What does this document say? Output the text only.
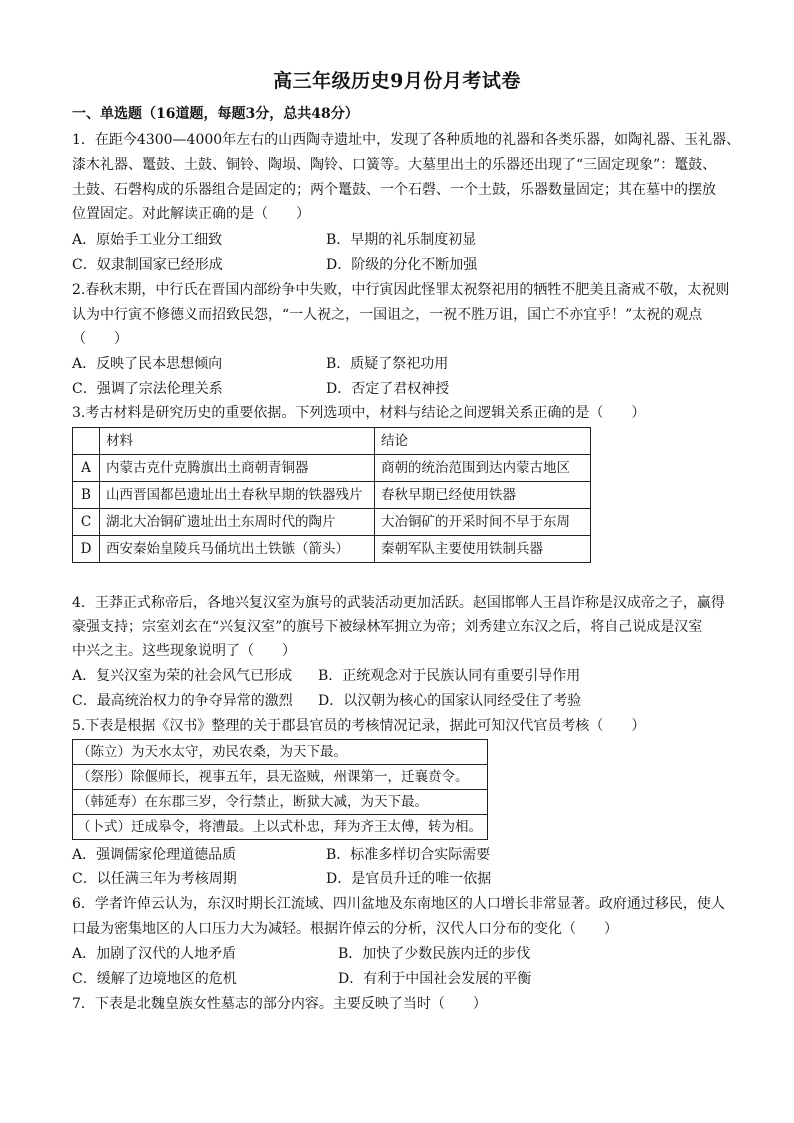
高三年级历史9月份月考试卷
一、单选题（16道题，每题3分，总共48分）
1．在距今4300—4000年左右的山西陶寺遗址中，发现了各种质地的礼器和各类乐器，如陶礼器、玉礼器、
漆木礼器、鼍鼓、土鼓、铜铃、陶埙、陶铃、口簧等。大墓里出土的乐器还出现了“三固定现象”：鼍鼓、
土鼓、石磬构成的乐器组合是固定的；两个鼍鼓、一个石磬、一个土鼓，乐器数量固定；其在墓中的摆放
位置固定。对此解读正确的是（　　）
A．原始手工业分工细致	B．早期的礼乐制度初显
C．奴隶制国家已经形成	D．阶级的分化不断加强
2.春秋末期，中行氏在晋国内部纷争中失败，中行寅因此怪罪太祝祭祀用的牺牲不肥美且斋戒不敬，太祝则
认为中行寅不修德义而招致民怨，“一人祝之，一国诅之，一祝不胜万诅，国亡不亦宜乎！”太祝的观点
（　　）
A．反映了民本思想倾向	B．质疑了祭祀功用
C．强调了宗法伦理关系	D．否定了君权神授
3.考古材料是研究历史的重要依据。下列选项中，材料与结论之间逻辑关系正确的是（　　）
	材料	结论
A	内蒙古克什克腾旗出土商朝青铜器	商朝的统治范围到达内蒙古地区
B	山西晋国都邑遗址出土春秋早期的铁器残片	春秋早期已经使用铁器
C	湖北大冶铜矿遗址出土东周时代的陶片	大冶铜矿的开采时间不早于东周
D	西安秦始皇陵兵马俑坑出土铁镞（箭头）	秦朝军队主要使用铁制兵器
4．王莽正式称帝后，各地兴复汉室为旗号的武装活动更加活跃。赵国邯郸人王昌诈称是汉成帝之子，赢得
豪强支持；宗室刘玄在“兴复汉室”的旗号下被绿林军拥立为帝；刘秀建立东汉之后，将自己说成是汉室
中兴之主。这些现象说明了（　　）
A．复兴汉室为荣的社会风气已形成 B．正统观念对于民族认同有重要引导作用
C．最高统治权力的争夺异常的激烈 D．以汉朝为核心的国家认同经受住了考验
5.下表是根据《汉书》整理的关于郡县官员的考核情况记录，据此可知汉代官员考核（　　）
（陈立）为天水太守，劝民农桑，为天下最。
（祭彤）除偃师长，视事五年，县无盗贼，州课第一，迁襄贲令。
（韩延寿）在东郡三岁，令行禁止，断狱大减，为天下最。
（卜式）迁成皋令，将漕最。上以式朴忠，拜为齐王太傅，转为相。
A．强调儒家伦理道德品质	B．标准多样切合实际需要
C．以任满三年为考核周期	D．是官员升迁的唯一依据
6．学者许倬云认为，东汉时期长江流域、四川盆地及东南地区的人口增长非常显著。政府通过移民，使人
口最为密集地区的人口压力大为减轻。根据许倬云的分析，汉代人口分布的变化（　　）
A．加剧了汉代的人地矛盾	B．加快了少数民族内迁的步伐
C．缓解了边境地区的危机	D．有利于中国社会发展的平衡
7．下表是北魏皇族女性墓志的部分内容。主要反映了当时（　　）
